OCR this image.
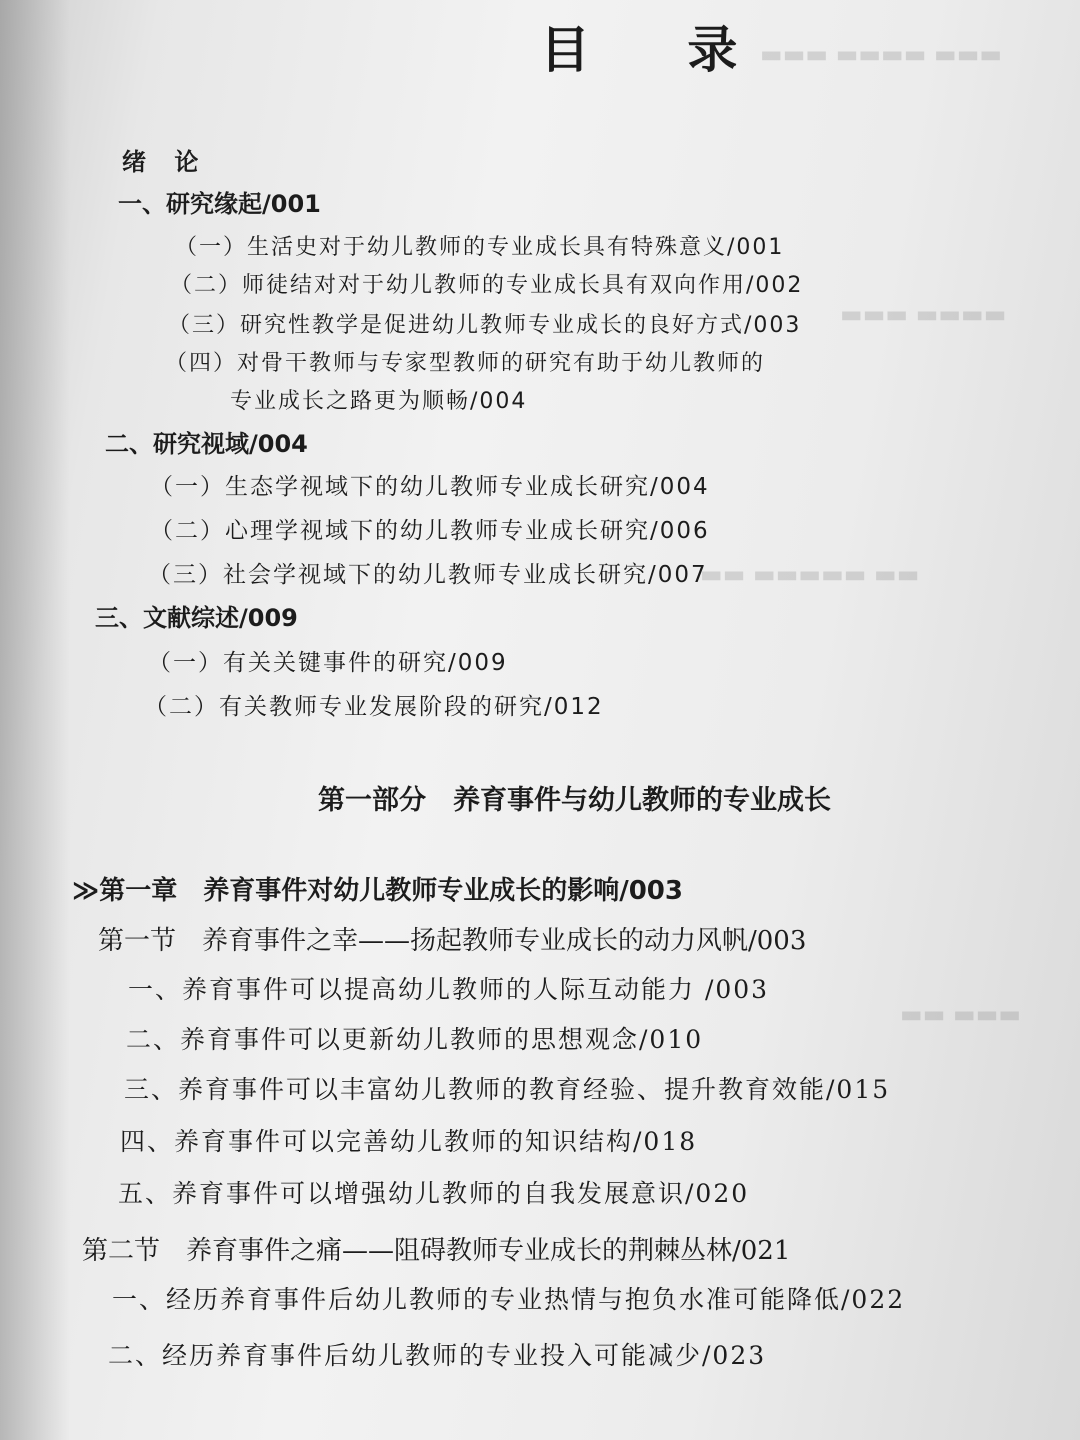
▬▬▬ ▬▬▬▬ ▬▬▬
▬▬▬▬ ▬▬▬
▬▬ ▬▬▬▬▬ ▬▬
▬▬▬ ▬▬
目 录
绪 论
一、研究缘起/001
（一）生活史对于幼儿教师的专业成长具有特殊意义/001
（二）师徒结对对于幼儿教师的专业成长具有双向作用/002
（三）研究性教学是促进幼儿教师专业成长的良好方式/003
（四）对骨干教师与专家型教师的研究有助于幼儿教师的
专业成长之路更为顺畅/004
二、研究视域/004
（一）生态学视域下的幼儿教师专业成长研究/004
（二）心理学视域下的幼儿教师专业成长研究/006
（三）社会学视域下的幼儿教师专业成长研究/007
三、文献综述/009
（一）有关关键事件的研究/009
（二）有关教师专业发展阶段的研究/012
第一部分　养育事件与幼儿教师的专业成长
≫第一章　养育事件对幼儿教师专业成长的影响/003
第一节　养育事件之幸——扬起教师专业成长的动力风帆/003
一、养育事件可以提高幼儿教师的人际互动能力 /003
二、养育事件可以更新幼儿教师的思想观念/010
三、养育事件可以丰富幼儿教师的教育经验、提升教育效能/015
四、养育事件可以完善幼儿教师的知识结构/018
五、养育事件可以增强幼儿教师的自我发展意识/020
第二节　养育事件之痛——阻碍教师专业成长的荆棘丛林/021
一、经历养育事件后幼儿教师的专业热情与抱负水准可能降低/022
二、经历养育事件后幼儿教师的专业投入可能减少/023
